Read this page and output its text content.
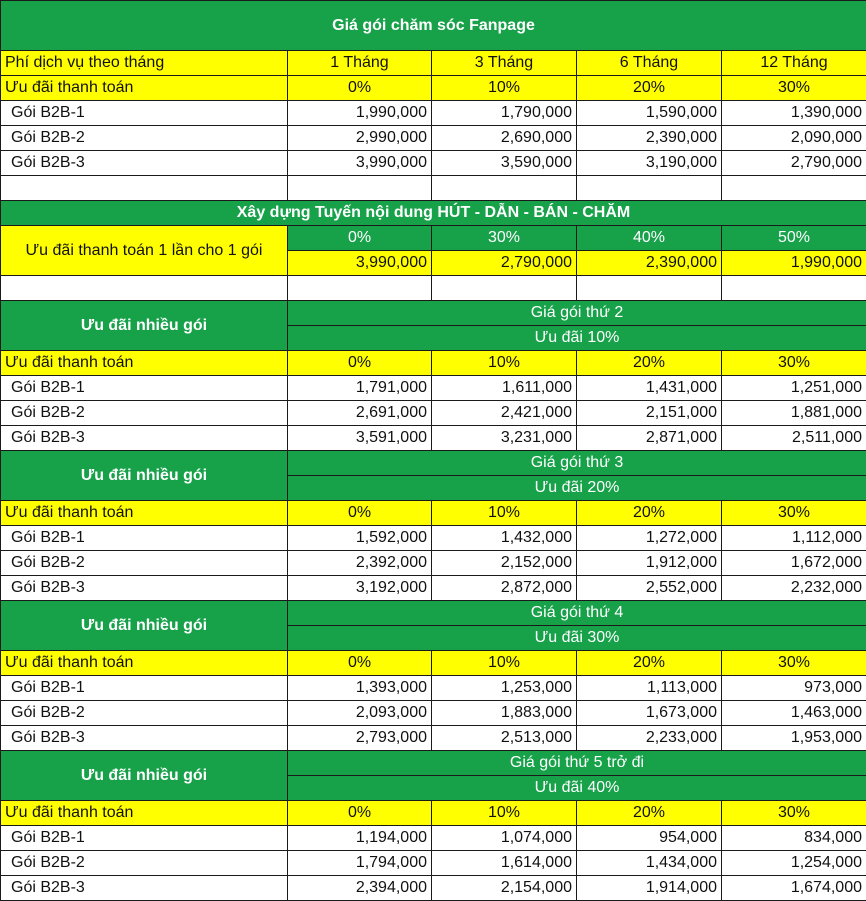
Giá gói chăm sóc Fanpage				
Phí dịch vụ theo tháng	1 Tháng	3 Tháng	6 Tháng	12 Tháng
Ưu đãi thanh toán	0%	10%	20%	30%
Gói B2B-1	1,990,000	1,790,000	1,590,000	1,390,000
Gói B2B-2	2,990,000	2,690,000	2,390,000	2,090,000
Gói B2B-3	3,990,000	3,590,000	3,190,000	2,790,000

Xây dựng Tuyến nội dung HÚT - DẪN - BÁN - CHĂM				
Ưu đãi thanh toán 1 lần cho 1 gói	0%	30%	40%	50%
	3,990,000	2,790,000	2,390,000	1,990,000

Ưu đãi nhiều gói	Giá gói thứ 2			
	Ưu đãi 10%			
Ưu đãi thanh toán	0%	10%	20%	30%
Gói B2B-1	1,791,000	1,611,000	1,431,000	1,251,000
Gói B2B-2	2,691,000	2,421,000	2,151,000	1,881,000
Gói B2B-3	3,591,000	3,231,000	2,871,000	2,511,000
Ưu đãi nhiều gói	Giá gói thứ 3			
	Ưu đãi 20%			
Ưu đãi thanh toán	0%	10%	20%	30%
Gói B2B-1	1,592,000	1,432,000	1,272,000	1,112,000
Gói B2B-2	2,392,000	2,152,000	1,912,000	1,672,000
Gói B2B-3	3,192,000	2,872,000	2,552,000	2,232,000
Ưu đãi nhiều gói	Giá gói thứ 4			
	Ưu đãi 30%			
Ưu đãi thanh toán	0%	10%	20%	30%
Gói B2B-1	1,393,000	1,253,000	1,113,000	973,000
Gói B2B-2	2,093,000	1,883,000	1,673,000	1,463,000
Gói B2B-3	2,793,000	2,513,000	2,233,000	1,953,000
Ưu đãi nhiều gói	Giá gói thứ 5 trở đi			
	Ưu đãi 40%			
Ưu đãi thanh toán	0%	10%	20%	30%
Gói B2B-1	1,194,000	1,074,000	954,000	834,000
Gói B2B-2	1,794,000	1,614,000	1,434,000	1,254,000
Gói B2B-3	2,394,000	2,154,000	1,914,000	1,674,000
